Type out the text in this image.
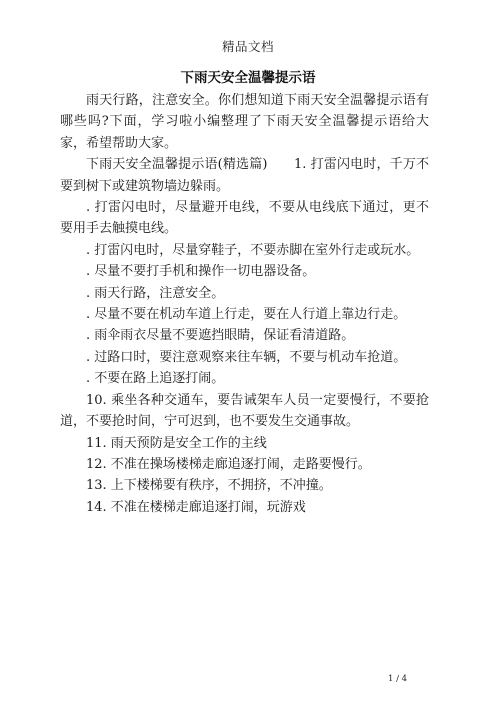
精品文档
下雨天安全温馨提示语

雨天行路，注意安全。你们想知道下雨天安全温馨提示语有哪些吗?下面，学习啦小编整理了下雨天安全温馨提示语给大家，希望帮助大家。

下雨天安全温馨提示语(精选篇)　　1. 打雷闪电时，千万不要到树下或建筑物墙边躲雨。

. 打雷闪电时，尽量避开电线，不要从电线底下通过，更不要用手去触摸电线。

. 打雷闪电时，尽量穿鞋子，不要赤脚在室外行走或玩水。

. 尽量不要打手机和操作一切电器设备。

. 雨天行路，注意安全。

. 尽量不要在机动车道上行走，要在人行道上靠边行走。

. 雨伞雨衣尽量不要遮挡眼睛，保证看清道路。

. 过路口时，要注意观察来往车辆，不要与机动车抢道。

. 不要在路上追逐打闹。

10. 乘坐各种交通车，要告诫架车人员一定要慢行，不要抢道，不要抢时间，宁可迟到，也不要发生交通事故。

11. 雨天预防是安全工作的主线

12. 不准在操场楼梯走廊追逐打闹，走路要慢行。

13. 上下楼梯要有秩序，不拥挤，不冲撞。

14. 不准在楼梯走廊追逐打闹，玩游戏

1 / 4
